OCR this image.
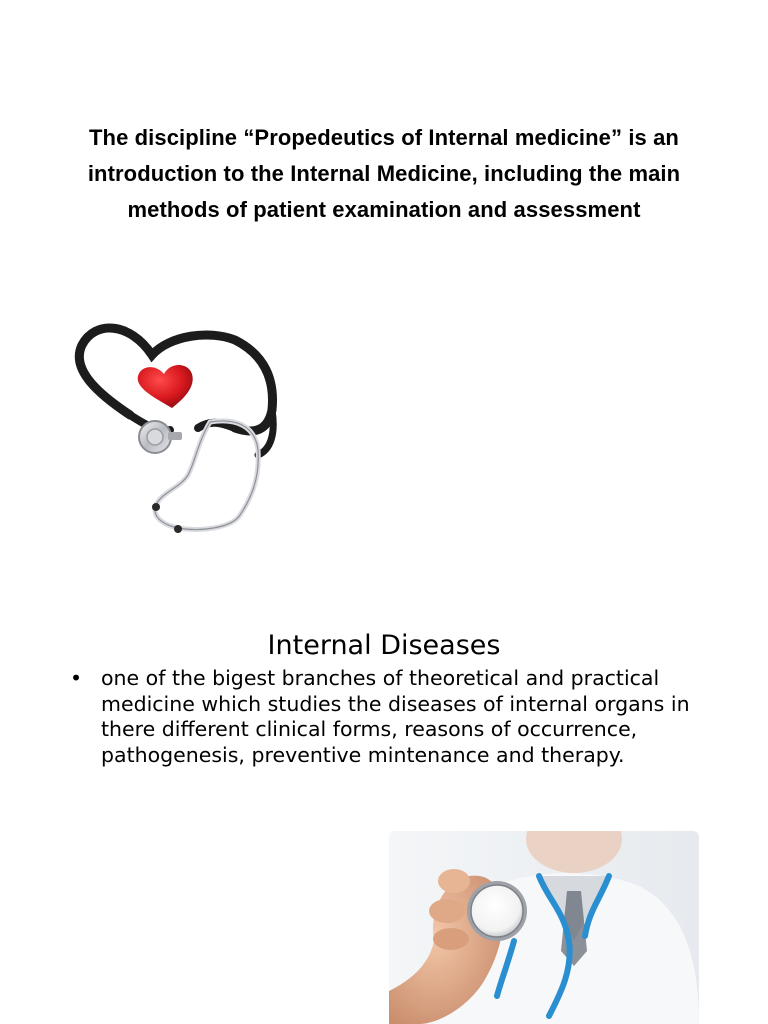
The discipline “Propedeutics of Internal medicine” is an introduction to the Internal Medicine, including the main methods of patient examination and assessment
Internal Diseases
• one of the bigest branches of theoretical and practical medicine which studies the diseases of internal organs in there different clinical forms, reasons of occurrence, pathogenesis, preventive mintenance and therapy.
